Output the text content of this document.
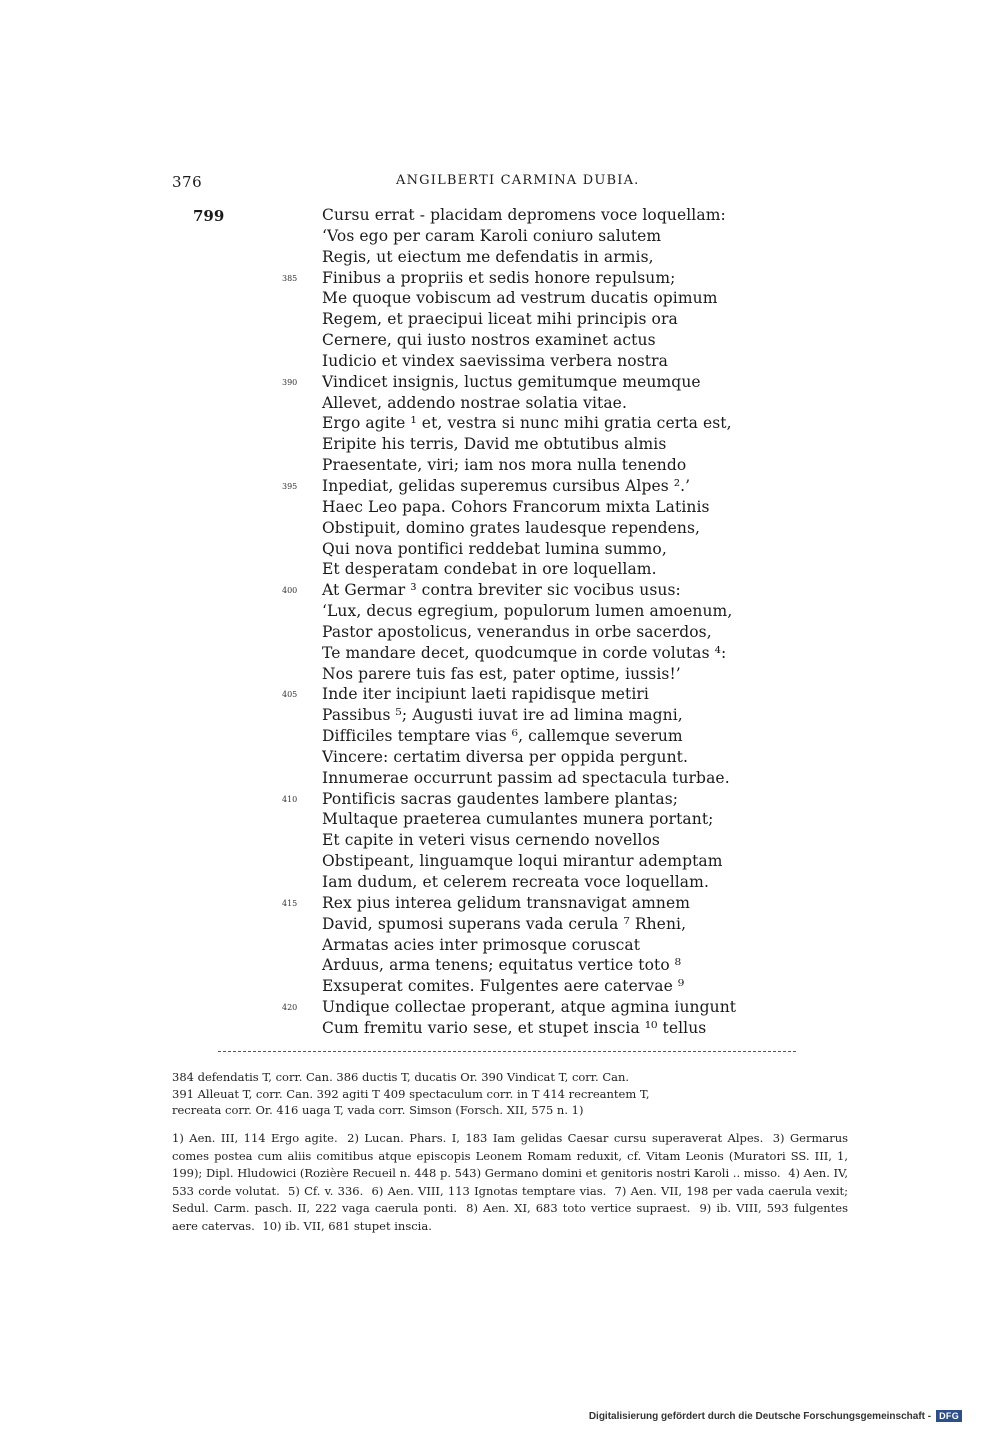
376	ANGILBERTI CARMINA DUBIA.
799	Cursu errat - placidam depromens voce loquellam:
‘Vos ego per caram Karoli coniuro salutem
Regis, ut eiectum me defendatis in armis,
385	Finibus a propriis et sedis honore repulsum;
Me quoque vobiscum ad vestrum ducatis opimum
Regem, et praecipui liceat mihi principis ora
Cernere, qui iusto nostros examinet actus
Iudicio et vindex saevissima verbera nostra
390	Vindicet insignis, luctus gemitumque meumque
Allevet, addendo nostrae solatia vitae.
Ergo agite ¹ et, vestra si nunc mihi gratia certa est,
Eripite his terris, David me obtutibus almis
Praesentate, viri; iam nos mora nulla tenendo
395	Inpediat, gelidas superemus cursibus Alpes ².’
Haec Leo papa. Cohors Francorum mixta Latinis
Obstipuit, domino grates laudesque rependens,
Qui nova pontifici reddebat lumina summo,
Et desperatam condebat in ore loquellam.
400	At Germar ³ contra breviter sic vocibus usus:
‘Lux, decus egregium, populorum lumen amoenum,
Pastor apostolicus, venerandus in orbe sacerdos,
Te mandare decet, quodcumque in corde volutas ⁴:
Nos parere tuis fas est, pater optime, iussis!’
405	Inde iter incipiunt laeti rapidisque metiri
Passibus ⁵; Augusti iuvat ire ad limina magni,
Difficiles temptare vias ⁶, callemque severum
Vincere: certatim diversa per oppida pergunt.
Innumerae occurrunt passim ad spectacula turbae.
410	Pontificis sacras gaudentes lambere plantas;
Multaque praeterea cumulantes munera portant;
Et capite in veteri visus cernendo novellos
Obstipeant, linguamque loqui mirantur ademptam
Iam dudum, et celerem recreata voce loquellam.
415	Rex pius interea gelidum transnavigat amnem
David, spumosi superans vada cerula ⁷ Rheni,
Armatas acies inter primosque coruscat
Arduus, arma tenens; equitatus vertice toto ⁸
Exsuperat comites. Fulgentes aere catervae ⁹
420	Undique collectae properant, atque agmina iungunt
Cum fremitu vario sese, et stupet inscia ¹⁰ tellus

384 defendatis T, corr. Can. 386 ductis T, ducatis Or. 390 Vindicat T, corr. Can.

391 Alleuat T, corr. Can. 392 agiti T 409 spectaculum corr. in T 414 recreantem T,

recreata corr. Or. 416 uaga T, vada corr. Simson (Forsch. XII, 575 n. 1)

1) Aen. III, 114 Ergo agite. 2) Lucan. Phars. I, 183 Iam gelidas Caesar cursu superaverat Alpes. 3) Germarus comes postea cum aliis comitibus atque episcopis Leonem Romam reduxit, cf. Vitam Leonis (Muratori SS. III, 1, 199); Dipl. Hludowici (Rozière Recueil n. 448 p. 543) Germano domini et genitoris nostri Karoli .. misso. 4) Aen. IV, 533 corde volutat. 5) Cf. v. 336. 6) Aen. VIII, 113 Ignotas temptare vias. 7) Aen. VII, 198 per vada caerula vexit; Sedul. Carm. pasch. II, 222 vaga caerula ponti. 8) Aen. XI, 683 toto vertice supraest. 9) ib. VIII, 593 fulgentes aere catervas. 10) ib. VII, 681 stupet inscia.

Digitalisierung gefördert durch die Deutsche Forschungsgemeinschaft - DFG
